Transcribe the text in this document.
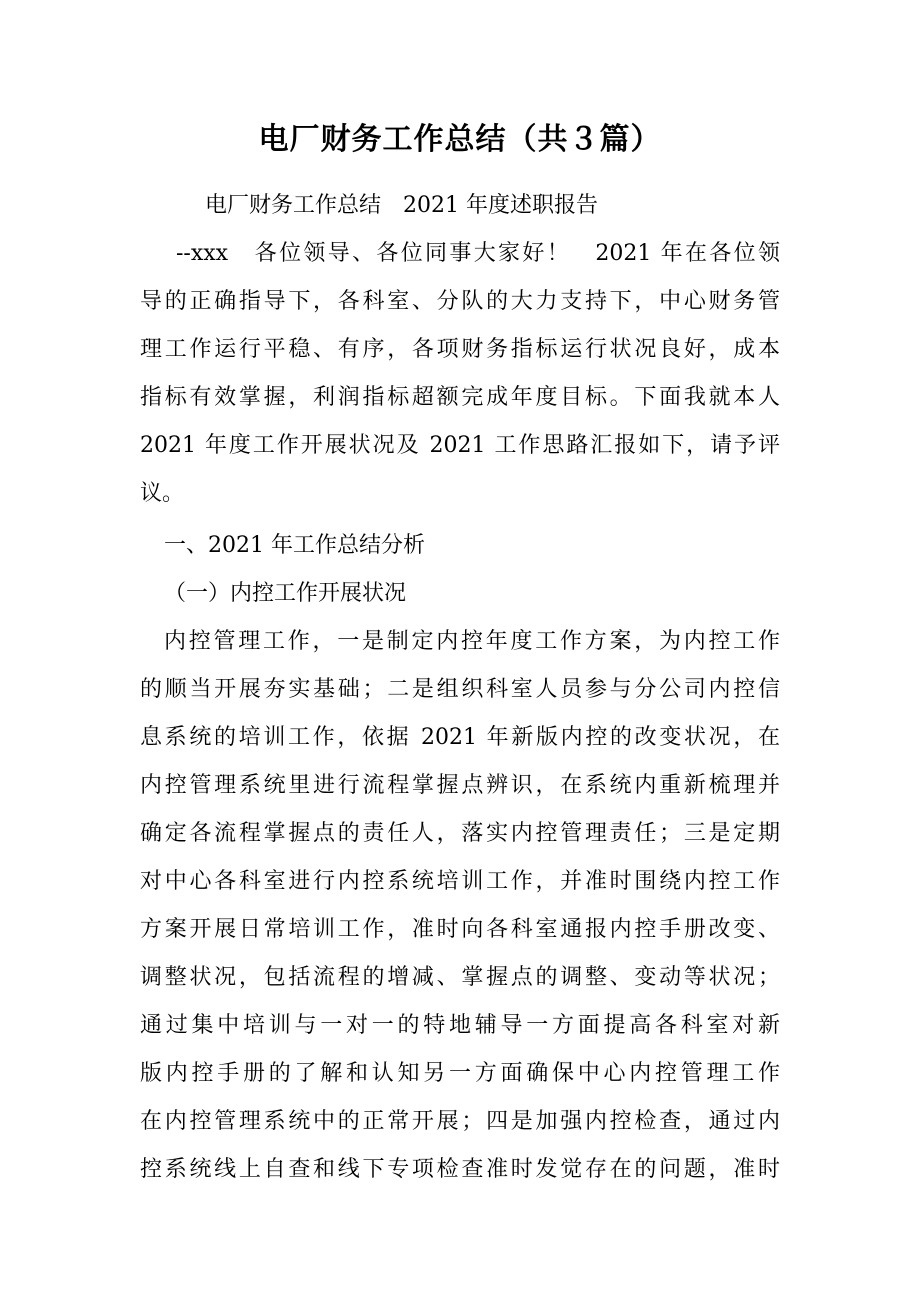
电厂财务工作总结（共３篇）
电厂财务工作总结　2021 年度述职报告
--xxx　各位领导、各位同事大家好！　2021 年在各位领
导的正确指导下，各科室、分队的大力支持下，中心财务管
理工作运行平稳、有序，各项财务指标运行状况良好，成本
指标有效掌握，利润指标超额完成年度目标。下面我就本人
2021 年度工作开展状况及 2021 工作思路汇报如下，请予评
议。
一、2021 年工作总结分析
（一）内控工作开展状况
内控管理工作，一是制定内控年度工作方案，为内控工作
的顺当开展夯实基础；二是组织科室人员参与分公司内控信
息系统的培训工作，依据 2021 年新版内控的改变状况，在
内控管理系统里进行流程掌握点辨识，在系统内重新梳理并
确定各流程掌握点的责任人，落实内控管理责任；三是定期
对中心各科室进行内控系统培训工作，并准时围绕内控工作
方案开展日常培训工作，准时向各科室通报内控手册改变、
调整状况，包括流程的增减、掌握点的调整、变动等状况；
通过集中培训与一对一的特地辅导一方面提高各科室对新
版内控手册的了解和认知另一方面确保中心内控管理工作
在内控管理系统中的正常开展；四是加强内控检查，通过内
控系统线上自查和线下专项检查准时发觉存在的问题，准时
